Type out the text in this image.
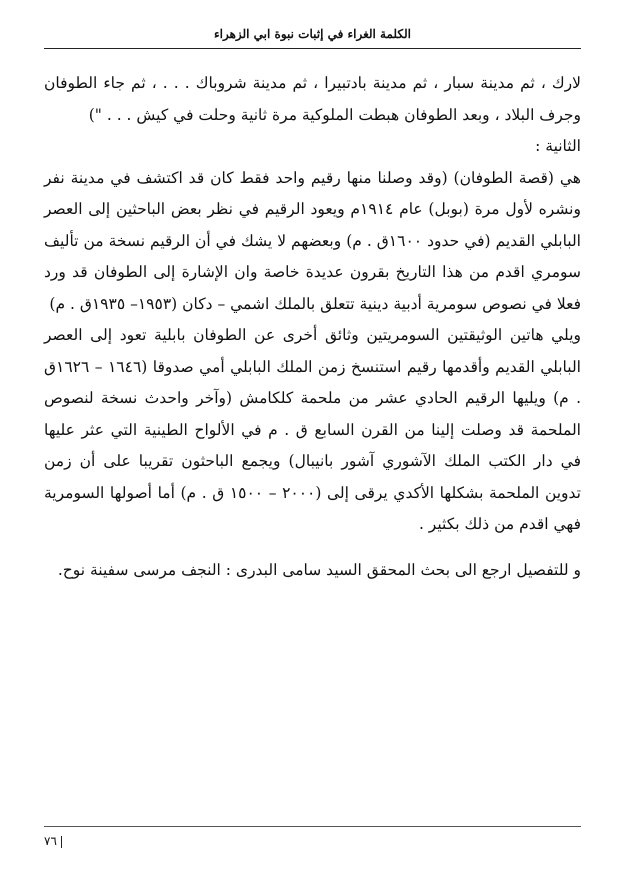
الكلمة الغراء في إثبات نبوة ابي الزهراء

لارك ، ثم مدينة سبار ، ثم مدينة بادتبيرا ، ثم مدينة شروباك . . . ، ثم جاء الطوفان وجرف البلاد ، وبعد الطوفان هبطت الملوكية مرة ثانية وحلت في كيش . . . ")

الثانية :

هي (قصة الطوفان) (وقد وصلنا منها رقيم واحد فقط كان قد اكتشف في مدينة نفر ونشره لأول مرة (بوبل) عام ١٩١٤م ويعود الرقيم في نظر بعض الباحثين إلى العصر البابلي القديم (في حدود ١٦٠٠ق . م) وبعضهم لا يشك في أن الرقيم نسخة من تأليف سومري اقدم من هذا التاريخ بقرون عديدة خاصة وان الإشارة إلى الطوفان قد ورد فعلا في نصوص سومرية أدبية دينية تتعلق بالملك اشمي – دكان (١٩٥٣– ١٩٣٥ق . م)

ويلي هاتين الوثيقتين السومريتين وثائق أخرى عن الطوفان بابلية تعود إلى العصر البابلي القديم وأقدمها رقيم استنسخ زمن الملك البابلي أمي صدوقا (١٦٤٦ – ١٦٢٦ق . م) ويليها الرقيم الحادي عشر من ملحمة كلكامش (وآخر واحدث نسخة لنصوص الملحمة قد وصلت إلينا من القرن السابع ق . م في الألواح الطينية التي عثر عليها في دار الكتب الملك الآشوري آشور بانيبال) ويجمع الباحثون تقريبا على أن زمن تدوين الملحمة بشكلها الأكدي يرقى إلى (٢٠٠٠ – ١٥٠٠ ق . م) أما أصولها السومرية فهي اقدم من ذلك بكثير .

و للتفصيل ارجع الى بحث المحقق السيد سامى البدرى : النجف مرسى سفينة نوح.

٧٦
